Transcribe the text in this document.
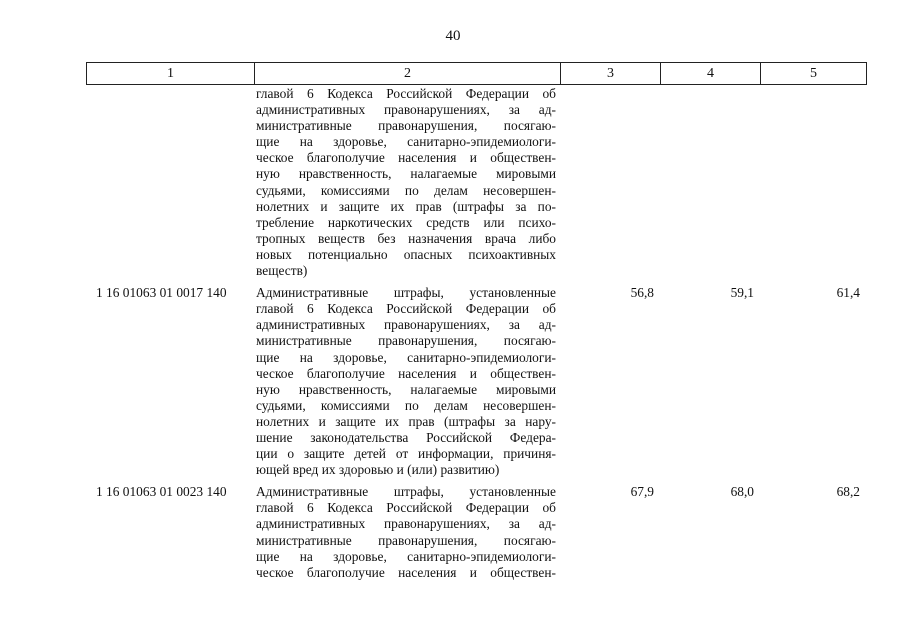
40
1	2	3	4	5
главой 6 Кодекса Российской Федерации об
административных правонарушениях, за ад-
министративные правонарушения, посягаю-
щие на здоровье, санитарно-эпидемиологи-
ческое благополучие населения и обществен-
ную нравственность, налагаемые мировыми
судьями, комиссиями по делам несовершен-
нолетних и защите их прав (штрафы за по-
требление наркотических средств или психо-
тропных веществ без назначения врача либо
новых потенциально опасных психоактивных
веществ)
1 16 01063 01 0017 140	Административные штрафы, установленные
главой 6 Кодекса Российской Федерации об
административных правонарушениях, за ад-
министративные правонарушения, посягаю-
щие на здоровье, санитарно-эпидемиологи-
ческое благополучие населения и обществен-
ную нравственность, налагаемые мировыми
судьями, комиссиями по делам несовершен-
нолетних и защите их прав (штрафы за нару-
шение законодательства Российской Федера-
ции о защите детей от информации, причиня-
ющей вред их здоровью и (или) развитию)
56,8	59,1	61,4
1 16 01063 01 0023 140	Административные штрафы, установленные
главой 6 Кодекса Российской Федерации об
административных правонарушениях, за ад-
министративные правонарушения, посягаю-
щие на здоровье, санитарно-эпидемиологи-
ческое благополучие населения и обществен-
67,9	68,0	68,2
